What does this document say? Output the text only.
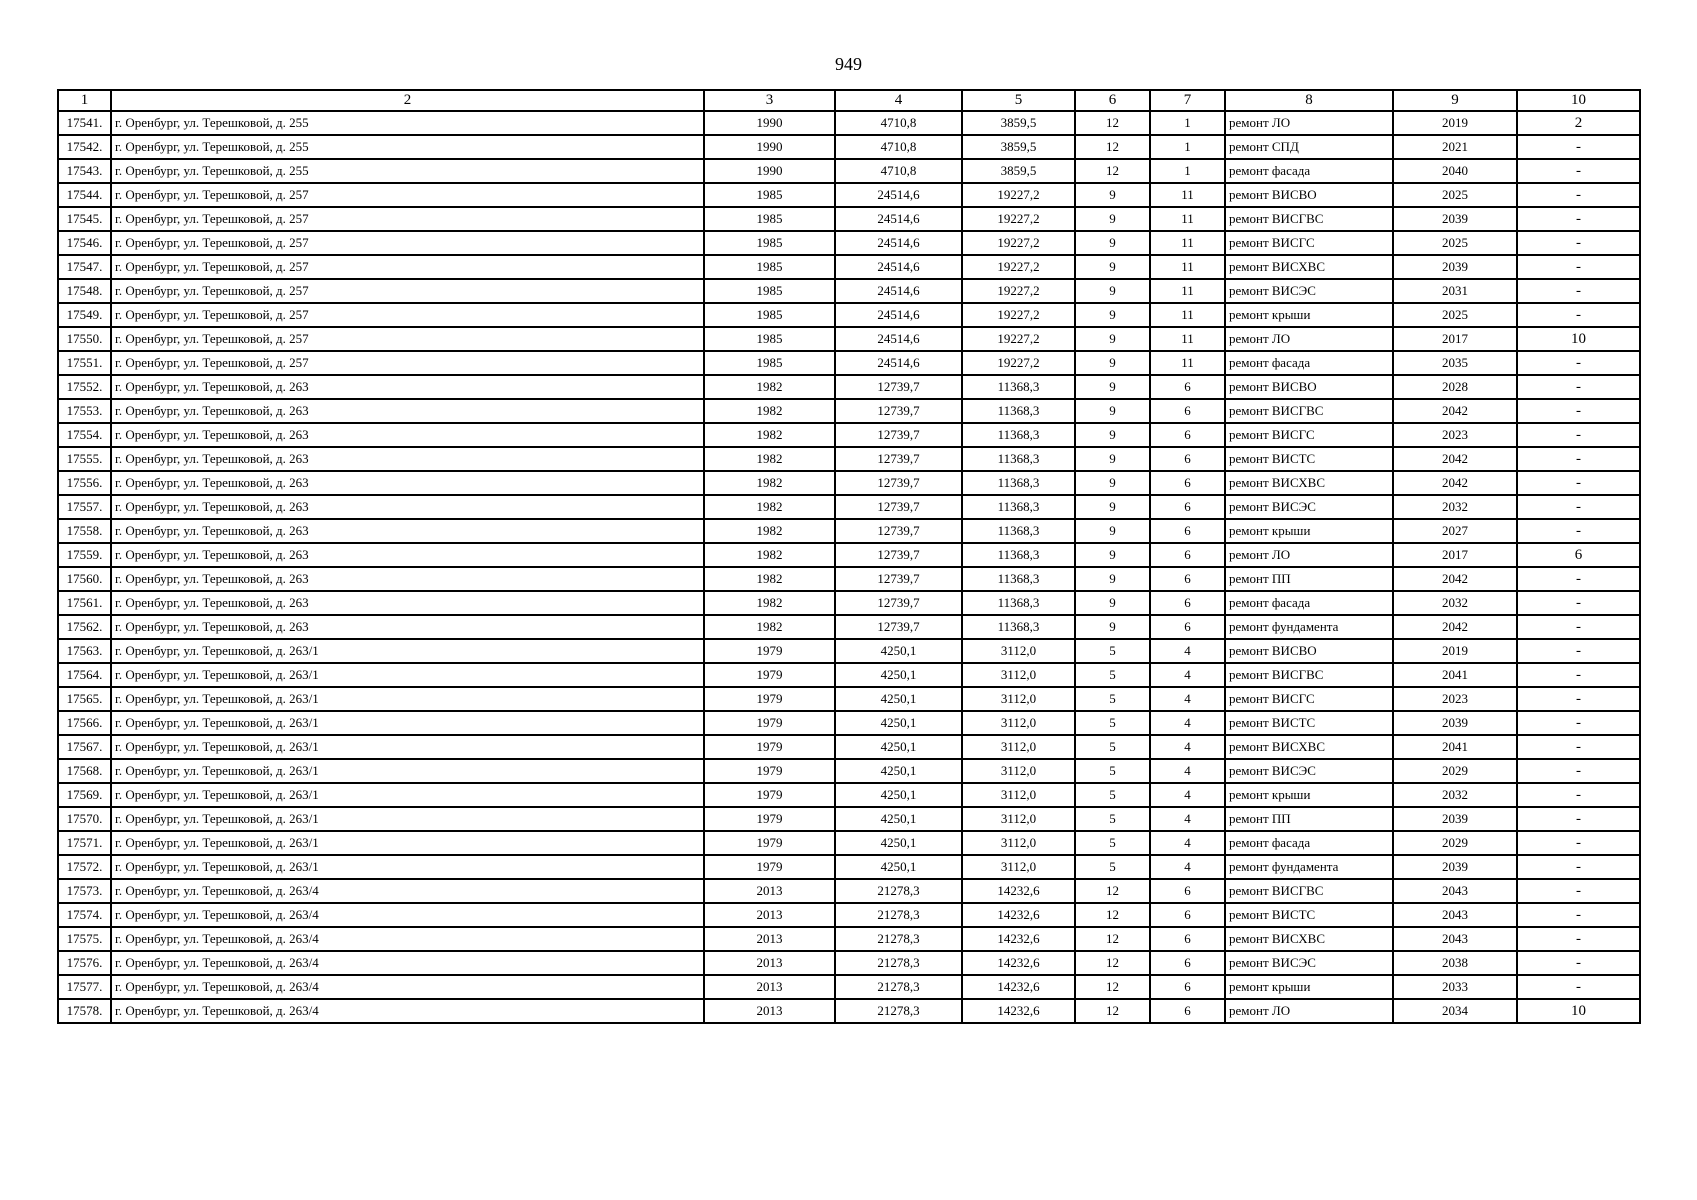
949
1	2	3	4	5	6	7	8	9	10
17541.	г. Оренбург, ул. Терешковой, д. 255	1990	4710,8	3859,5	12	1	ремонт ЛО	2019	2
17542.	г. Оренбург, ул. Терешковой, д. 255	1990	4710,8	3859,5	12	1	ремонт СПД	2021	-
17543.	г. Оренбург, ул. Терешковой, д. 255	1990	4710,8	3859,5	12	1	ремонт фасада	2040	-
17544.	г. Оренбург, ул. Терешковой, д. 257	1985	24514,6	19227,2	9	11	ремонт ВИСВО	2025	-
17545.	г. Оренбург, ул. Терешковой, д. 257	1985	24514,6	19227,2	9	11	ремонт ВИСГВС	2039	-
17546.	г. Оренбург, ул. Терешковой, д. 257	1985	24514,6	19227,2	9	11	ремонт ВИСГС	2025	-
17547.	г. Оренбург, ул. Терешковой, д. 257	1985	24514,6	19227,2	9	11	ремонт ВИСХВС	2039	-
17548.	г. Оренбург, ул. Терешковой, д. 257	1985	24514,6	19227,2	9	11	ремонт ВИСЭС	2031	-
17549.	г. Оренбург, ул. Терешковой, д. 257	1985	24514,6	19227,2	9	11	ремонт крыши	2025	-
17550.	г. Оренбург, ул. Терешковой, д. 257	1985	24514,6	19227,2	9	11	ремонт ЛО	2017	10
17551.	г. Оренбург, ул. Терешковой, д. 257	1985	24514,6	19227,2	9	11	ремонт фасада	2035	-
17552.	г. Оренбург, ул. Терешковой, д. 263	1982	12739,7	11368,3	9	6	ремонт ВИСВО	2028	-
17553.	г. Оренбург, ул. Терешковой, д. 263	1982	12739,7	11368,3	9	6	ремонт ВИСГВС	2042	-
17554.	г. Оренбург, ул. Терешковой, д. 263	1982	12739,7	11368,3	9	6	ремонт ВИСГС	2023	-
17555.	г. Оренбург, ул. Терешковой, д. 263	1982	12739,7	11368,3	9	6	ремонт ВИСТС	2042	-
17556.	г. Оренбург, ул. Терешковой, д. 263	1982	12739,7	11368,3	9	6	ремонт ВИСХВС	2042	-
17557.	г. Оренбург, ул. Терешковой, д. 263	1982	12739,7	11368,3	9	6	ремонт ВИСЭС	2032	-
17558.	г. Оренбург, ул. Терешковой, д. 263	1982	12739,7	11368,3	9	6	ремонт крыши	2027	-
17559.	г. Оренбург, ул. Терешковой, д. 263	1982	12739,7	11368,3	9	6	ремонт ЛО	2017	6
17560.	г. Оренбург, ул. Терешковой, д. 263	1982	12739,7	11368,3	9	6	ремонт ПП	2042	-
17561.	г. Оренбург, ул. Терешковой, д. 263	1982	12739,7	11368,3	9	6	ремонт фасада	2032	-
17562.	г. Оренбург, ул. Терешковой, д. 263	1982	12739,7	11368,3	9	6	ремонт фундамента	2042	-
17563.	г. Оренбург, ул. Терешковой, д. 263/1	1979	4250,1	3112,0	5	4	ремонт ВИСВО	2019	-
17564.	г. Оренбург, ул. Терешковой, д. 263/1	1979	4250,1	3112,0	5	4	ремонт ВИСГВС	2041	-
17565.	г. Оренбург, ул. Терешковой, д. 263/1	1979	4250,1	3112,0	5	4	ремонт ВИСГС	2023	-
17566.	г. Оренбург, ул. Терешковой, д. 263/1	1979	4250,1	3112,0	5	4	ремонт ВИСТС	2039	-
17567.	г. Оренбург, ул. Терешковой, д. 263/1	1979	4250,1	3112,0	5	4	ремонт ВИСХВС	2041	-
17568.	г. Оренбург, ул. Терешковой, д. 263/1	1979	4250,1	3112,0	5	4	ремонт ВИСЭС	2029	-
17569.	г. Оренбург, ул. Терешковой, д. 263/1	1979	4250,1	3112,0	5	4	ремонт крыши	2032	-
17570.	г. Оренбург, ул. Терешковой, д. 263/1	1979	4250,1	3112,0	5	4	ремонт ПП	2039	-
17571.	г. Оренбург, ул. Терешковой, д. 263/1	1979	4250,1	3112,0	5	4	ремонт фасада	2029	-
17572.	г. Оренбург, ул. Терешковой, д. 263/1	1979	4250,1	3112,0	5	4	ремонт фундамента	2039	-
17573.	г. Оренбург, ул. Терешковой, д. 263/4	2013	21278,3	14232,6	12	6	ремонт ВИСГВС	2043	-
17574.	г. Оренбург, ул. Терешковой, д. 263/4	2013	21278,3	14232,6	12	6	ремонт ВИСТС	2043	-
17575.	г. Оренбург, ул. Терешковой, д. 263/4	2013	21278,3	14232,6	12	6	ремонт ВИСХВС	2043	-
17576.	г. Оренбург, ул. Терешковой, д. 263/4	2013	21278,3	14232,6	12	6	ремонт ВИСЭС	2038	-
17577.	г. Оренбург, ул. Терешковой, д. 263/4	2013	21278,3	14232,6	12	6	ремонт крыши	2033	-
17578.	г. Оренбург, ул. Терешковой, д. 263/4	2013	21278,3	14232,6	12	6	ремонт ЛО	2034	10
